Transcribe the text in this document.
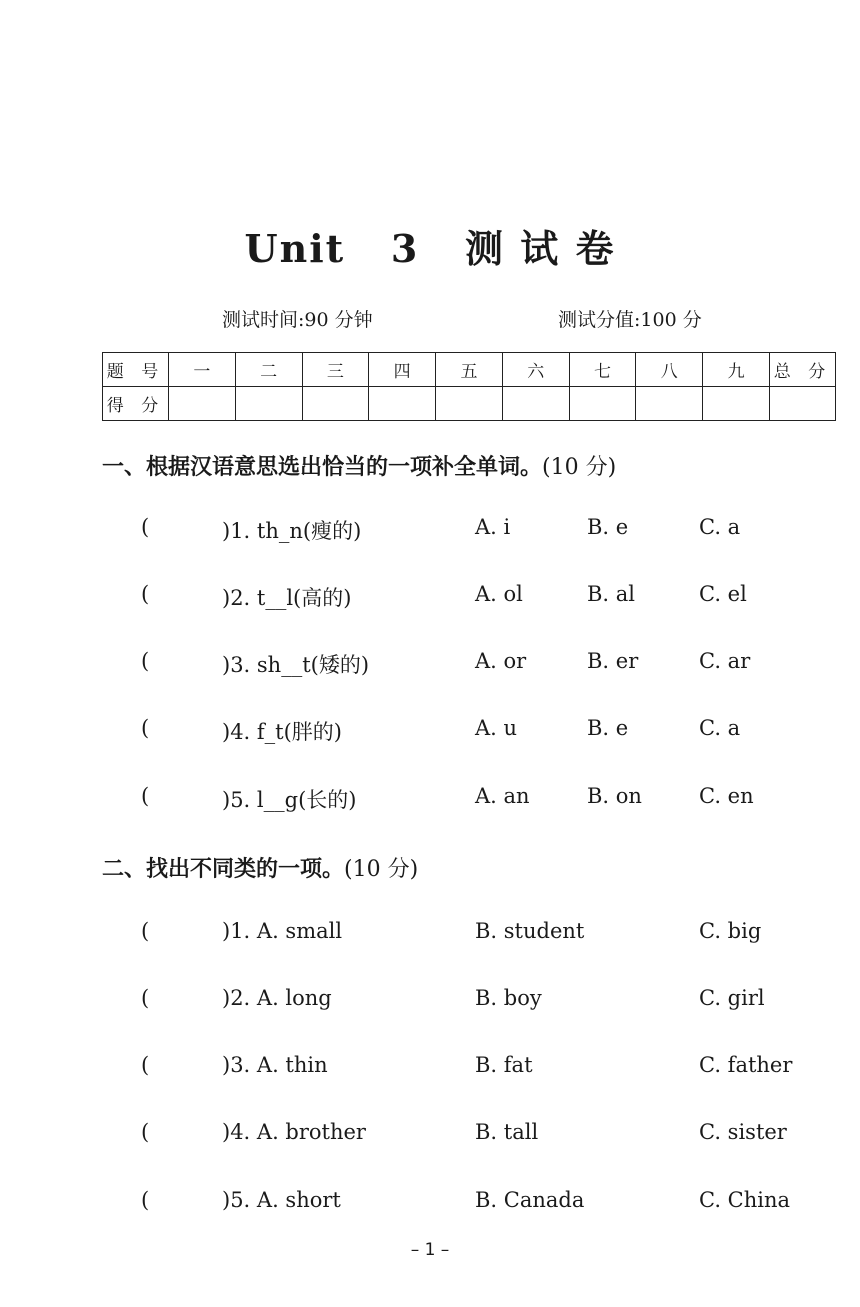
Unit   3   测 试 卷
测试时间:90 分钟	测试分值:100 分
题 号	一	二	三	四	五	六	七	八	九	总 分
得 分										
一、根据汉语意思选出恰当的一项补全单词。(10 分)
(	)1. th_n(瘦的)	A. i	B. e	C. a
(	)2. t__l(高的)	A. ol	B. al	C. el
(	)3. sh__t(矮的)	A. or	B. er	C. ar
(	)4. f_t(胖的)	A. u	B. e	C. a
(	)5. l__g(长的)	A. an	B. on	C. en
二、找出不同类的一项。(10 分)
(	)1. A. small	B. student	C. big
(	)2. A. long	B. boy	C. girl
(	)3. A. thin	B. fat	C. father
(	)4. A. brother	B. tall	C. sister
(	)5. A. short	B. Canada	C. China
– 1 –
